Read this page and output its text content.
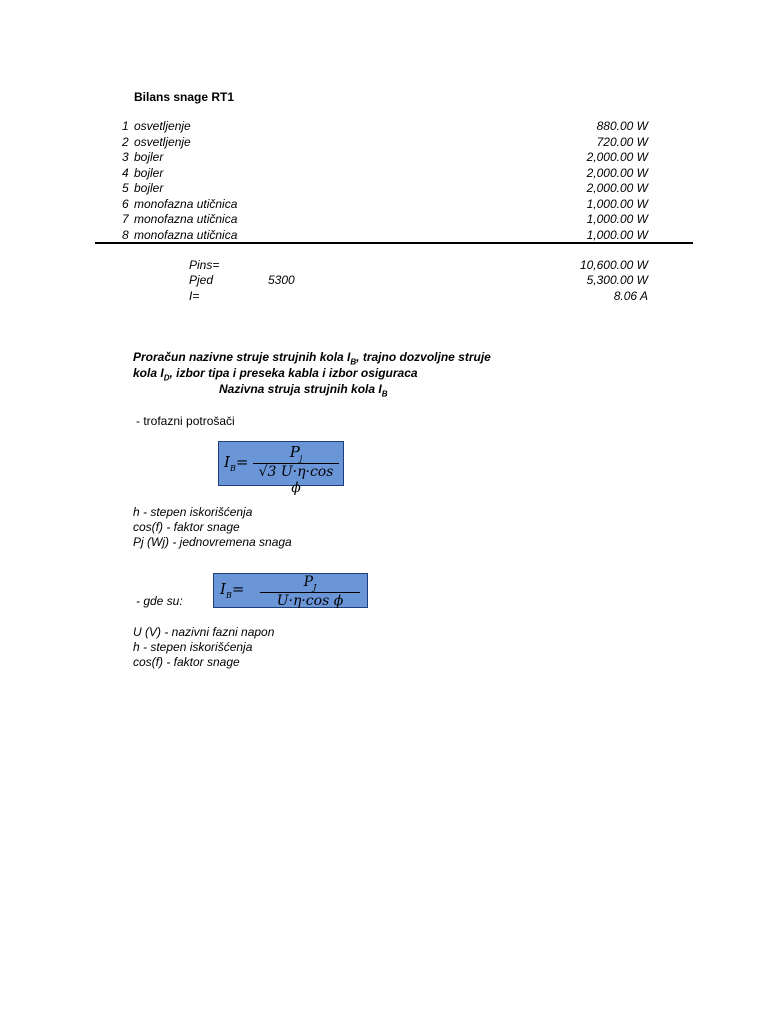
Bilans snage RT1
1 osvetljenje	880.00 W
2 osvetljenje	720.00 W
3 bojler	2,000.00 W
4 bojler	2,000.00 W
5 bojler	2,000.00 W
6 monofazna utičnica	1,000.00 W
7 monofazna utičnica	1,000.00 W
8 monofazna utičnica	1,000.00 W
Pins=	10,600.00 W
Pjed	5300	5,300.00 W
I=	8.06 A
Proračun nazivne struje strujnih kola $I_B$, trajno dozvoljne struje
kola $I_D$, izbor tipa i preseka kabla i izbor osiguraca
Nazivna struja strujnih kola $I_B$
- trofazni potrošači
$I_B=$
$P_j$
√3 U·η·cos ϕ
h - stepen iskorišćenja
cos(f) - faktor snage
Pj (Wj) - jednovremena snaga
- gde su:
$I_B=$	$P_J$
U·η·cos ϕ
U (V) - nazivni fazni napon
h - stepen iskorišćenja
cos(f) - faktor snage
